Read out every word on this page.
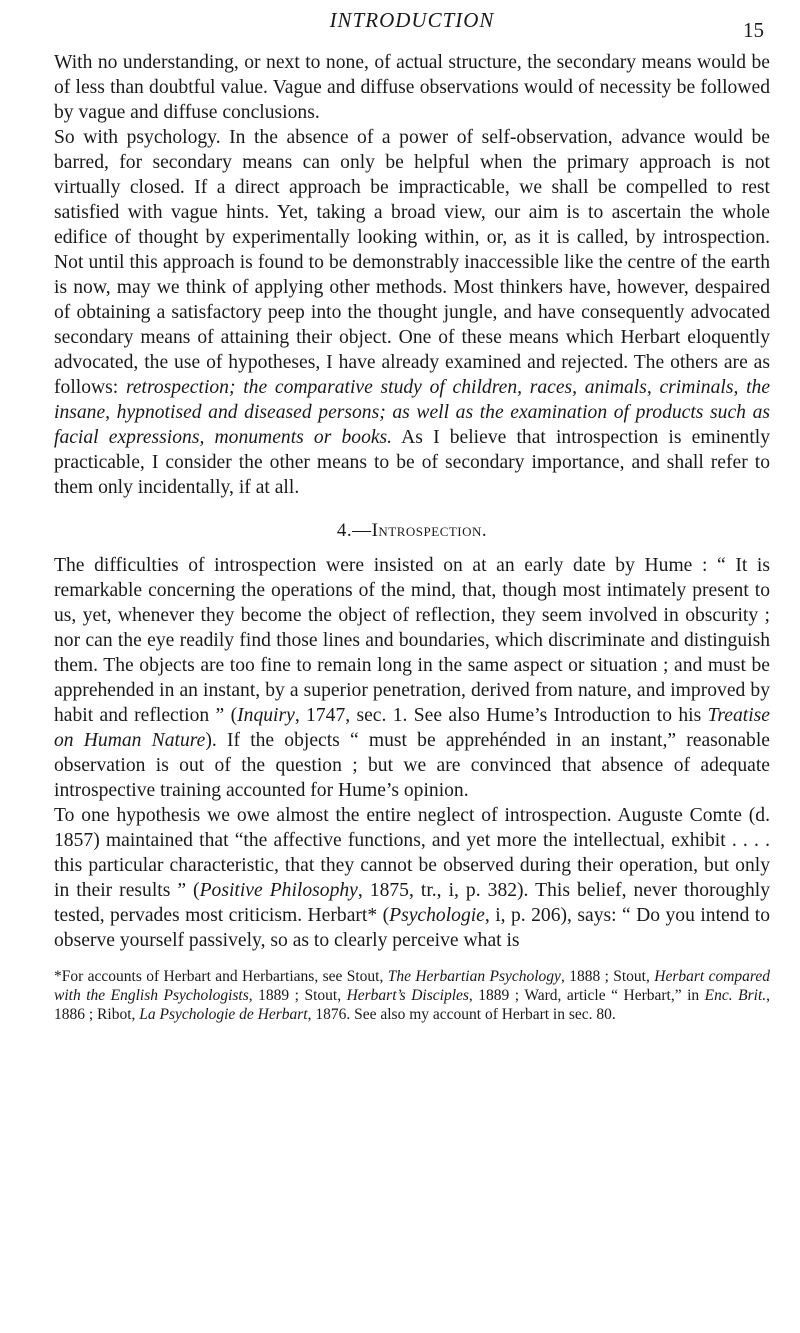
INTRODUCTION	15

With no understanding, or next to none, of actual structure, the secondary means would be of less than doubtful value. Vague and diffuse observations would of necessity be followed by vague and diffuse conclusions.

So with psychology. In the absence of a power of self-observation, advance would be barred, for secondary means can only be helpful when the primary approach is not virtually closed. If a direct approach be impracticable, we shall be compelled to rest satisfied with vague hints. Yet, taking a broad view, our aim is to ascertain the whole edifice of thought by experimentally looking within, or, as it is called, by introspection. Not until this approach is found to be demonstrably inaccessible like the centre of the earth is now, may we think of applying other methods. Most thinkers have, however, despaired of obtaining a satisfactory peep into the thought jungle, and have consequently advocated secondary means of attaining their object. One of these means which Herbart eloquently advocated, the use of hypotheses, I have already examined and rejected. The others are as follows: retrospection; the comparative study of children, races, animals, criminals, the insane, hypnotised and diseased persons; as well as the examination of products such as facial expressions, monuments or books. As I believe that introspection is eminently practicable, I consider the other means to be of secondary importance, and shall refer to them only incidentally, if at all.

4.—Introspection.

The difficulties of introspection were insisted on at an early date by Hume : “ It is remarkable concerning the operations of the mind, that, though most intimately present to us, yet, whenever they become the object of reflection, they seem involved in obscurity ; nor can the eye readily find those lines and boundaries, which discriminate and distinguish them. The objects are too fine to remain long in the same aspect or situation ; and must be apprehended in an instant, by a superior penetration, derived from nature, and improved by habit and reflection ” (Inquiry, 1747, sec. 1. See also Hume’s Introduction to his Treatise on Human Nature). If the objects “ must be apprehénded in an instant,” reasonable observation is out of the question ; but we are convinced that absence of adequate introspective training accounted for Hume’s opinion.

To one hypothesis we owe almost the entire neglect of introspection. Auguste Comte (d. 1857) maintained that “the affective functions, and yet more the intellectual, exhibit . . . . this particular characteristic, that they cannot be observed during their operation, but only in their results ” (Positive Philosophy, 1875, tr., i, p. 382). This belief, never thoroughly tested, pervades most criticism. Herbart* (Psychologie, i, p. 206), says: “ Do you intend to observe yourself passively, so as to clearly perceive what is

*For accounts of Herbart and Herbartians, see Stout, The Herbartian Psychology, 1888 ; Stout, Herbart compared with the English Psychologists, 1889 ; Stout, Herbart’s Disciples, 1889 ; Ward, article “ Herbart,” in Enc. Brit., 1886 ; Ribot, La Psychologie de Herbart, 1876. See also my account of Herbart in sec. 80.
